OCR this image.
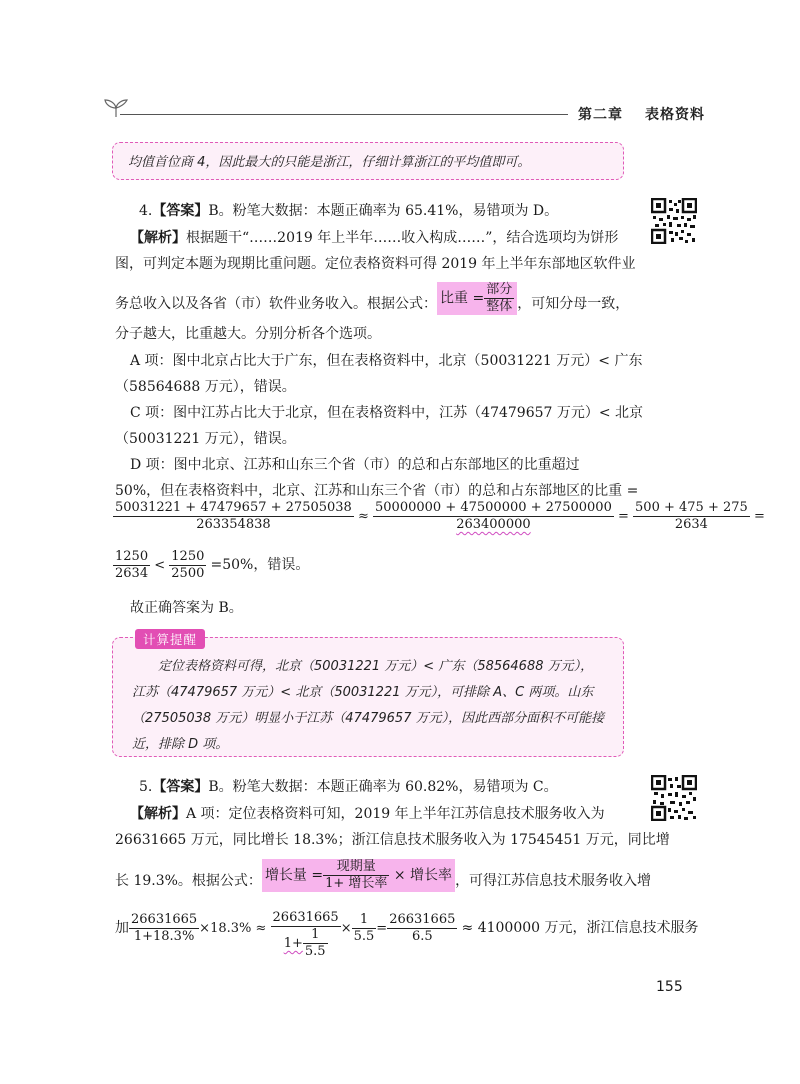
第二章 表格资料
均值首位商 4，因此最大的只能是浙江，仔细计算浙江的平均值即可。
4.【答案】B。粉笔大数据：本题正确率为 65.41%，易错项为 D。
【解析】根据题干“……2019 年上半年……收入构成……”，结合选项均为饼形
图，可判定本题为现期比重问题。定位表格资料可得 2019 年上半年东部地区软件业
务总收入以及各省（市）软件业务收入。根据公式： 比重 = $\frac{\text{部分}}{\text{整体}}$ ，可知分母一致，
分子越大，比重越大。分别分析各个选项。
A 项：图中北京占比大于广东，但在表格资料中，北京（50031221 万元）< 广东
（58564688 万元），错误。
C 项：图中江苏占比大于北京，但在表格资料中，江苏（47479657 万元）< 北京
（50031221 万元），错误。
D 项：图中北京、江苏和山东三个省（市）的总和占东部地区的比重超过
50%，但在表格资料中，北京、江苏和山东三个省（市）的总和占东部地区的比重 =
$\frac{50031221 + 47479657 + 27505038}{263354838} \approx \frac{50000000 + 47500000 + 27500000}{263400000} = \frac{500 + 475 + 275}{2634}$ =
$\frac{1250}{2634} < \frac{1250}{2500} =50\%$，错误。
故正确答案为 B。
计算提醒
定位表格资料可得，北京（50031221 万元）< 广东（58564688 万元），
江苏（47479657 万元）< 北京（50031221 万元），可排除 A、C 两项。山东
（27505038 万元）明显小于江苏（47479657 万元），因此西部分面积不可能接
近，排除 D 项。
5.【答案】B。粉笔大数据：本题正确率为 60.82%，易错项为 C。
【解析】A 项：定位表格资料可知，2019 年上半年江苏信息技术服务收入为
26631665 万元，同比增长 18.3%；浙江信息技术服务收入为 17545451 万元，同比增
长 19.3%。根据公式： 增长量 = $\frac{\text{现期量}}{\text{1+ 增长率}}$ × 增长率 ，可得江苏信息技术服务收入增
加 $\frac{26631665}{1+18.3\%} \times 18.3\% \approx \frac{26631665}{1+ \frac{1}{5.5}} \times \frac{1}{5.5} = \frac{26631665}{6.5} \approx 4100000$ 万元，浙江信息技术服务
155
